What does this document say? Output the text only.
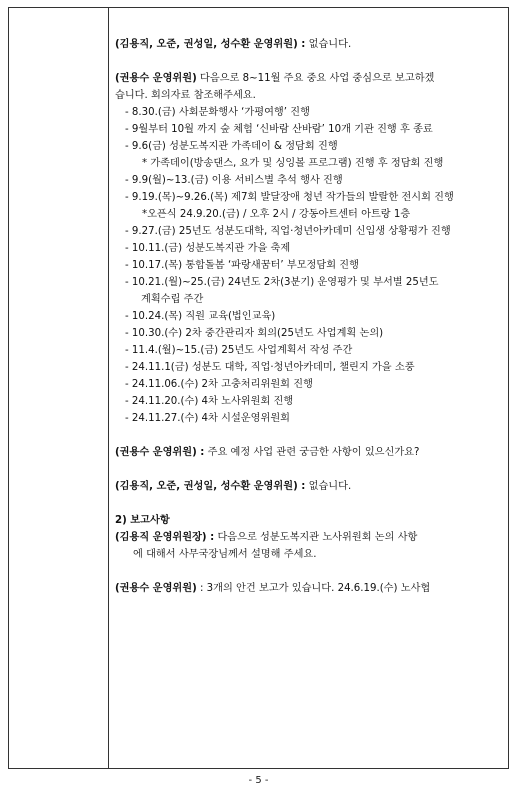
(김용직, 오준, 권성일, 성수환 운영위원) : 없습니다.
(권용수 운영위원) 다음으로 8~11월 주요 중요 사업 중심으로 보고하겠
습니다. 회의자료 참조해주세요.
- 8.30.(금) 사회문화행사 ‘가평여행’ 진행
- 9월부터 10월 까지 숲 체험 ‘신바람 산바람’ 10개 기관 진행 후 종료
- 9.6(금) 성분도복지관 가족데이 & 정담회 진행
* 가족데이(방송댄스, 요가 및 싱잉볼 프로그램) 진행 후 정담회 진행
- 9.9(월)~13.(금) 이용 서비스별 추석 행사 진행
- 9.19.(목)~9.26.(목) 제7회 발달장애 청년 작가들의 발랄한 전시회 진행
*오픈식 24.9.20.(금) / 오후 2시 / 강동아트센터 아트랑 1층
- 9.27.(금) 25년도 성분도대학, 직업·청년아카데미 신입생 상황평가 진행
- 10.11.(금) 성분도복지관 가을 축제
- 10.17.(목) 통합돌봄 ‘파랑새꿈터’ 부모정담회 진행
- 10.21.(월)~25.(금) 24년도 2차(3분기) 운영평가 및 부서별 25년도
계획수립 주간
- 10.24.(목) 직원 교육(법인교육)
- 10.30.(수) 2차 중간관리자 회의(25년도 사업계획 논의)
- 11.4.(월)~15.(금) 25년도 사업계획서 작성 주간
- 24.11.1(금) 성분도 대학, 직업·청년아카데미, 챌린지 가을 소풍
- 24.11.06.(수) 2차 고충처리위원회 진행
- 24.11.20.(수) 4차 노사위원회 진행
- 24.11.27.(수) 4차 시설운영위원회
(권용수 운영위원) : 주요 예정 사업 관련 궁금한 사항이 있으신가요?
(김용직, 오준, 권성일, 성수환 운영위원) : 없습니다.
2) 보고사항
(김용직 운영위원장) : 다음으로 성분도복지관 노사위원회 논의 사항
에 대해서 사무국장님께서 설명해 주세요.
(권용수 운영위원) : 3개의 안건 보고가 있습니다. 24.6.19.(수) 노사협
- 5 -
